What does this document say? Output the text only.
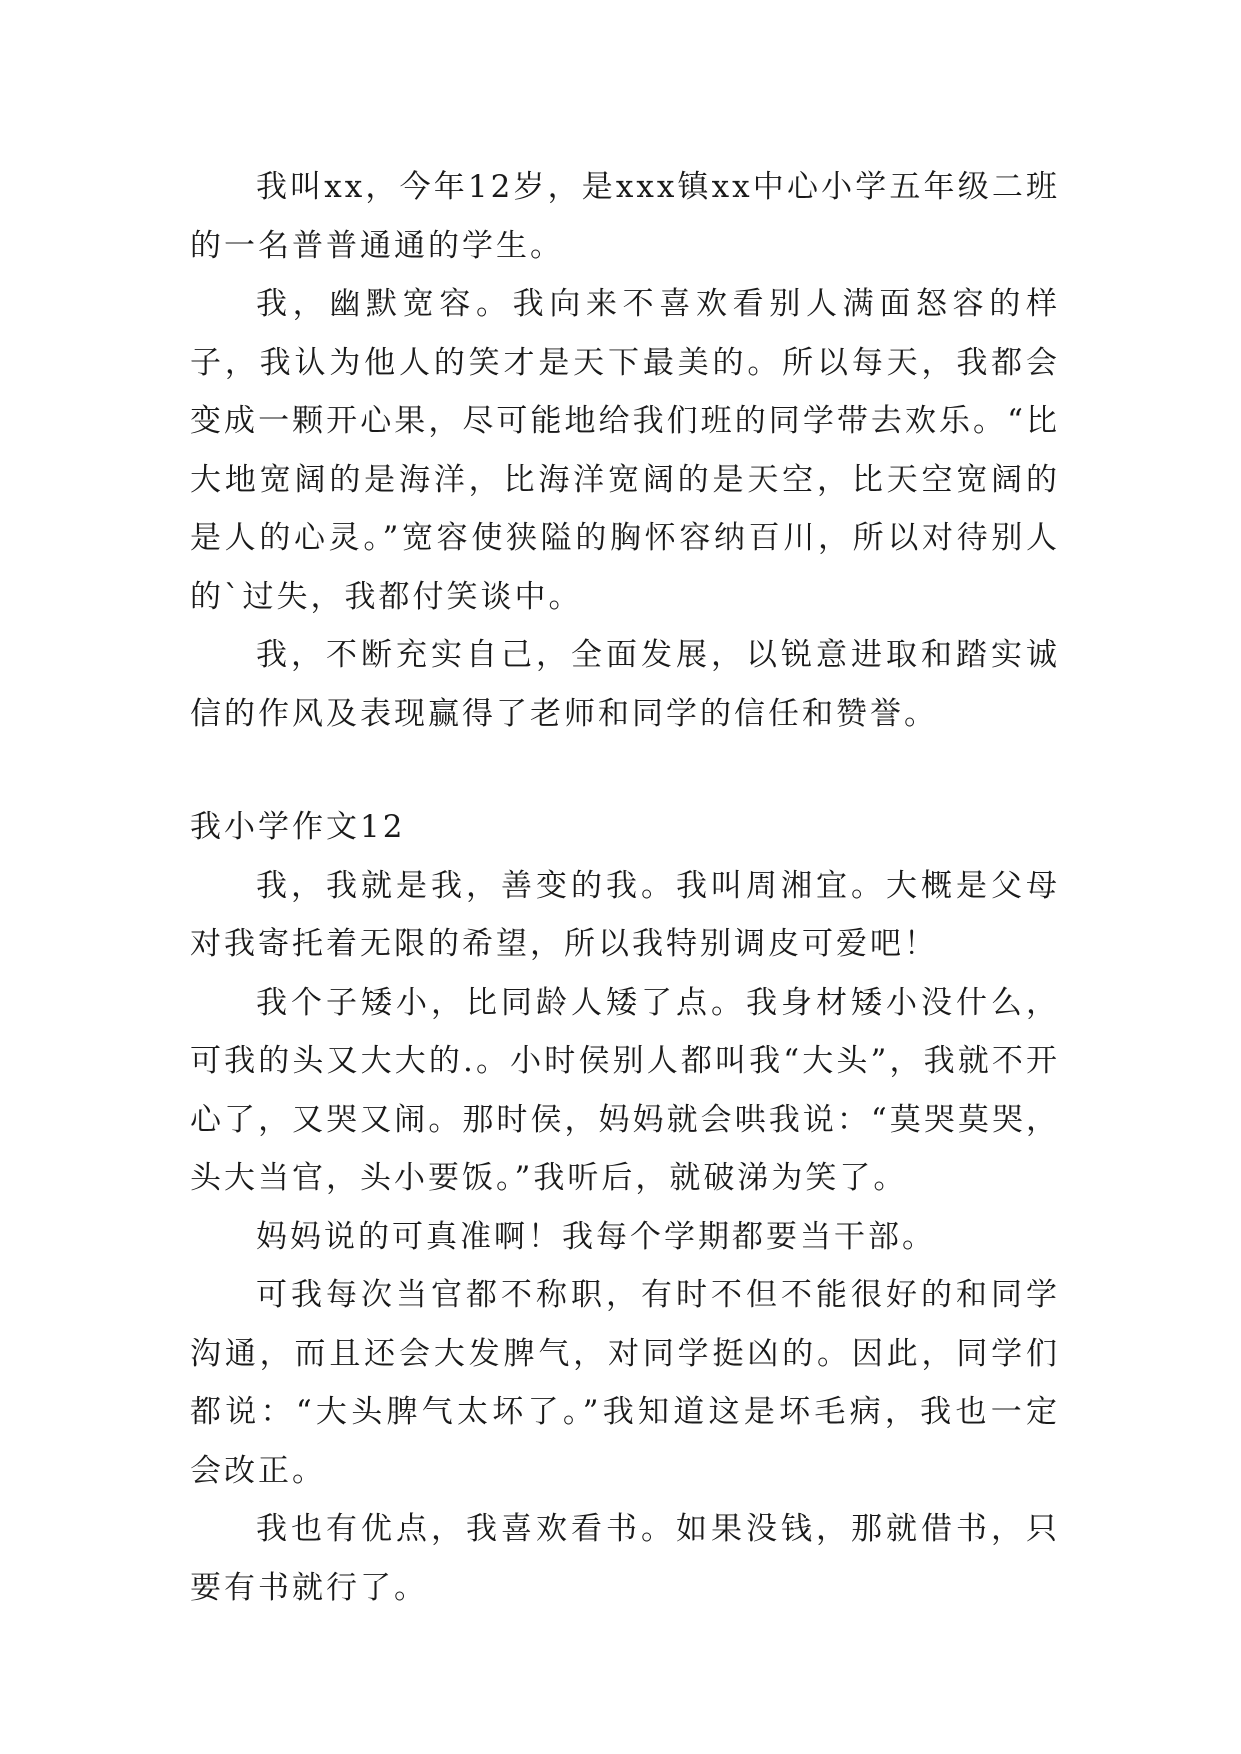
我叫xx，今年12岁，是xxx镇xx中心小学五年级二班的一名普普通通的学生。

我，幽默宽容。我向来不喜欢看别人满面怒容的样子，我认为他人的笑才是天下最美的。所以每天，我都会变成一颗开心果，尽可能地给我们班的同学带去欢乐。“比大地宽阔的是海洋，比海洋宽阔的是天空，比天空宽阔的是人的心灵。”宽容使狭隘的胸怀容纳百川，所以对待别人的`过失，我都付笑谈中。

我，不断充实自己，全面发展，以锐意进取和踏实诚信的作风及表现赢得了老师和同学的信任和赞誉。

我小学作文12

我，我就是我，善变的我。我叫周湘宜。大概是父母对我寄托着无限的希望，所以我特别调皮可爱吧！

我个子矮小，比同龄人矮了点。我身材矮小没什么，可我的头又大大的.。小时侯别人都叫我“大头”，我就不开心了，又哭又闹。那时侯，妈妈就会哄我说：“莫哭莫哭，头大当官，头小要饭。”我听后，就破涕为笑了。

妈妈说的可真准啊！我每个学期都要当干部。

可我每次当官都不称职，有时不但不能很好的和同学沟通，而且还会大发脾气，对同学挺凶的。因此，同学们都说：“大头脾气太坏了。”我知道这是坏毛病，我也一定会改正。

我也有优点，我喜欢看书。如果没钱，那就借书，只要有书就行了。
